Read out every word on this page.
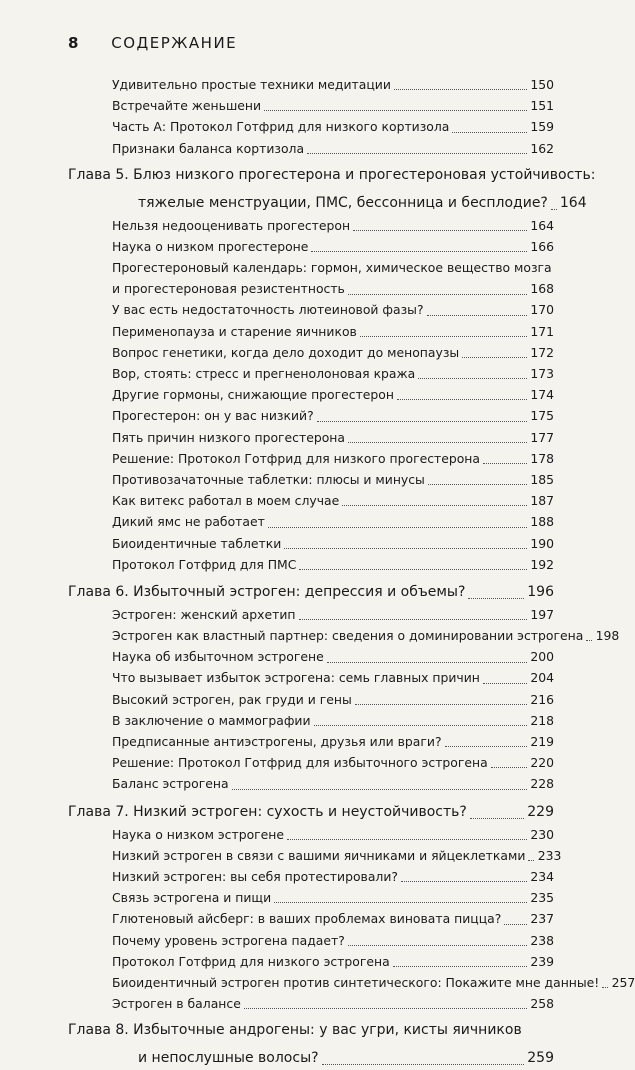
8 СОДЕРЖАНИЕ
Удивительно простые техники медитации	150
Встречайте женьшени	151
Часть А: Протокол Готфрид для низкого кортизола	159
Признаки баланса кортизола	162
Глава 5. Блюз низкого прогестерона и прогестероновая устойчивость:
тяжелые менструации, ПМС, бессонница и бесплодие? 164
Нельзя недооценивать прогестерон	164
Наука о низком прогестероне	166
Прогестероновый календарь: гормон, химическое вещество мозга
и прогестероновая резистентность	168
У вас есть недостаточность лютеиновой фазы?	170
Перименопауза и старение яичников	171
Вопрос генетики, когда дело доходит до менопаузы	172
Вор, стоять: стресс и прегненолоновая кража	173
Другие гормоны, снижающие прогестерон	174
Прогестерон: он у вас низкий?	175
Пять причин низкого прогестерона	177
Решение: Протокол Готфрид для низкого прогестерона	178
Противозачаточные таблетки: плюсы и минусы	185
Как витекс работал в моем случае	187
Дикий ямс не работает	188
Биоидентичные таблетки	190
Протокол Готфрид для ПМС	192
Глава 6. Избыточный эстроген: депрессия и объемы?	196
Эстроген: женский архетип	197
Эстроген как властный партнер: сведения о доминировании эстрогена 198
Наука об избыточном эстрогене	200
Что вызывает избыток эстрогена: семь главных причин	204
Высокий эстроген, рак груди и гены	216
В заключение о маммографии	218
Предписанные антиэстрогены, друзья или враги?	219
Решение: Протокол Готфрид для избыточного эстрогена	220
Баланс эстрогена	228
Глава 7. Низкий эстроген: сухость и неустойчивость?	229
Наука о низком эстрогене	230
Низкий эстроген в связи с вашими яичниками и яйцеклетками 233
Низкий эстроген: вы себя протестировали?	234
Связь эстрогена и пищи	235
Глютеновый айсберг: в ваших проблемах виновата пицца? 237
Почему уровень эстрогена падает?	238
Протокол Готфрид для низкого эстрогена	239
Биоидентичный эстроген против синтетического: Покажите мне данные! 257
Эстроген в балансе	258
Глава 8. Избыточные андрогены: у вас угри, кисты яичников
и непослушные волосы?	259
